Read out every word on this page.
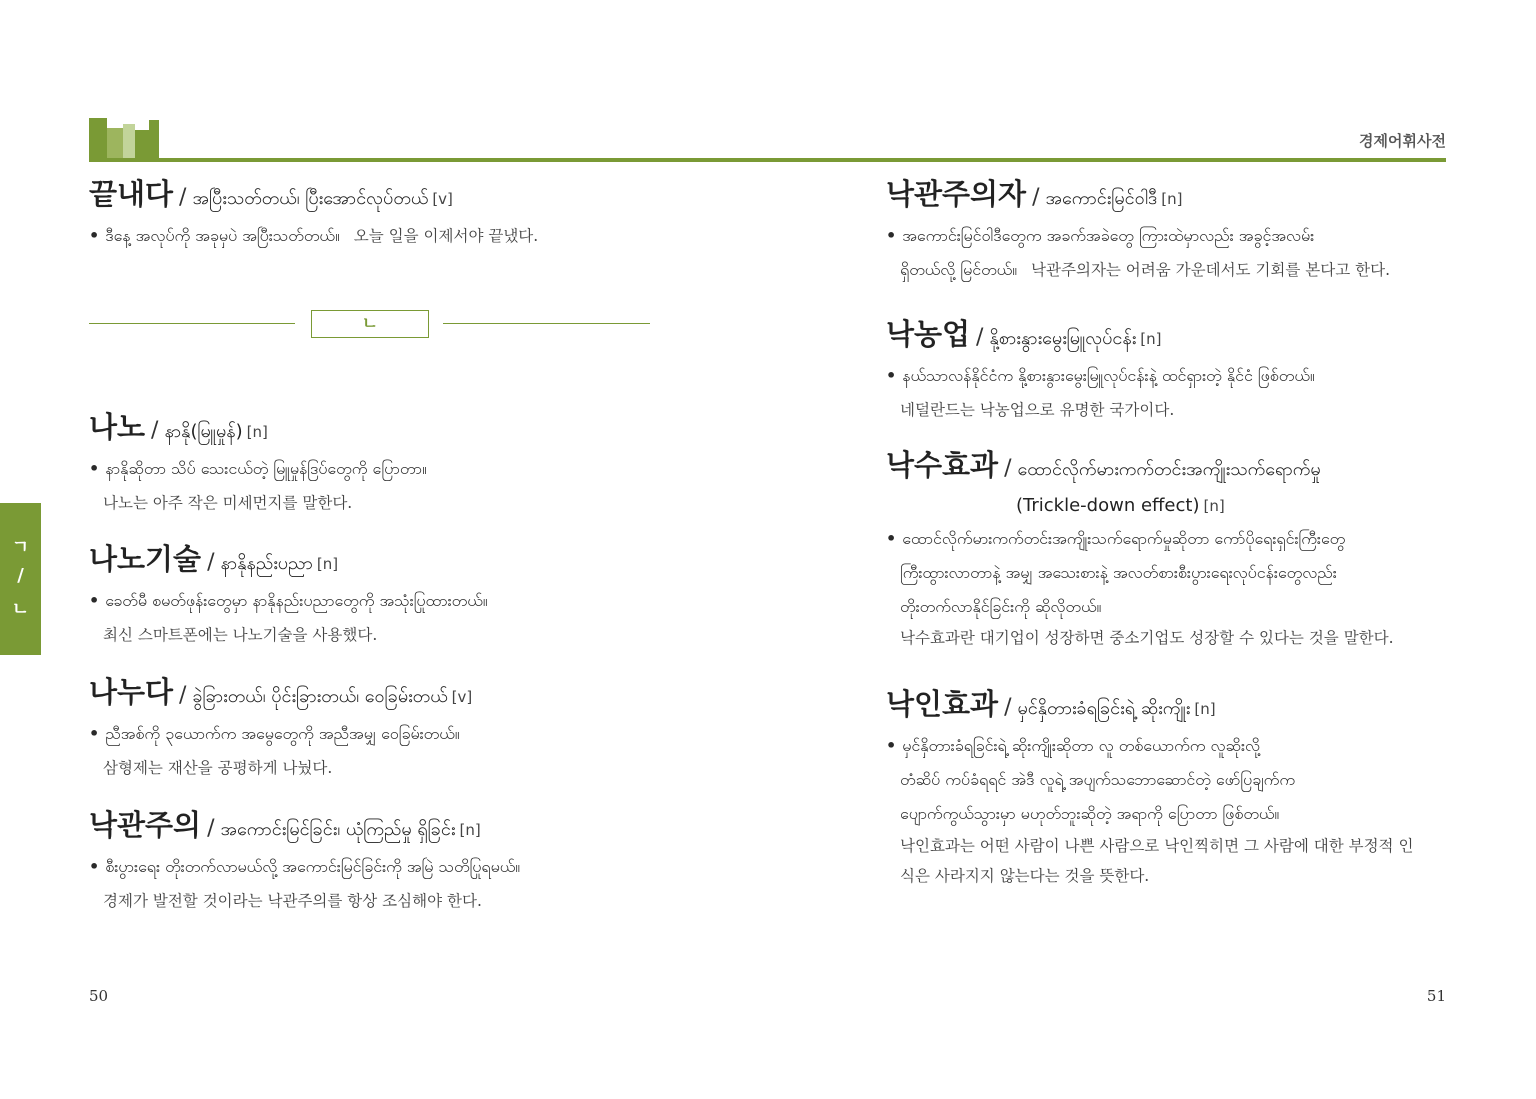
경제어휘사전
ㄱ
/
ㄴ
끝내다 / အပြီးသတ်တယ်၊ ပြီးအောင်လုပ်တယ် [v]
• ဒီနေ့ အလုပ်ကို အခုမှပဲ အပြီးသတ်တယ်။ 오늘 일을 이제서야 끝냈다.
ㄴ
나노 / နာနို(မြူမှုန်) [n]
• နာနိုဆိုတာ သိပ် သေးငယ်တဲ့ မြူမှုန်ဒြပ်တွေကို ပြောတာ။
나노는 아주 작은 미세먼지를 말한다.
나노기술 / နာနိုနည်းပညာ [n]
• ခေတ်မီ စမတ်ဖုန်းတွေမှာ နာနိုနည်းပညာတွေကို အသုံးပြုထားတယ်။
최신 스마트폰에는 나노기술을 사용했다.
나누다 / ခွဲခြားတယ်၊ ပိုင်းခြားတယ်၊ ဝေခြမ်းတယ် [v]
• ညီအစ်ကို ၃ယောက်က အမွေတွေကို အညီအမျှ ဝေခြမ်းတယ်။
삼형제는 재산을 공평하게 나눴다.
낙관주의 / အကောင်းမြင်ခြင်း၊ ယုံကြည်မှု ရှိခြင်း [n]
• စီးပွားရေး တိုးတက်လာမယ်လို့ အကောင်းမြင်ခြင်းကို အမြဲ သတိပြုရမယ်။
경제가 발전할 것이라는 낙관주의를 항상 조심해야 한다.
낙관주의자 / အကောင်းမြင်ဝါဒီ [n]
• အကောင်းမြင်ဝါဒီတွေက အခက်အခဲတွေ ကြားထဲမှာလည်း အခွင့်အလမ်း
ရှိတယ်လို့ မြင်တယ်။ 낙관주의자는 어려움 가운데서도 기회를 본다고 한다.
낙농업 / နို့စားနွားမွေးမြူလုပ်ငန်း [n]
• နယ်သာလန်နိုင်ငံက နို့စားနွားမွေးမြူလုပ်ငန်းနဲ့ ထင်ရှားတဲ့ နိုင်ငံ ဖြစ်တယ်။
네덜란드는 낙농업으로 유명한 국가이다.
낙수효과 / ထောင်လိုက်မားကက်တင်းအကျိုးသက်ရောက်မှု
(Trickle-down effect) [n]
• ထောင်လိုက်မားကက်တင်းအကျိုးသက်ရောက်မှုဆိုတာ ကော်ပိုရေးရှင်းကြီးတွေ
ကြီးထွားလာတာနဲ့ အမျှ အသေးစားနဲ့ အလတ်စားစီးပွားရေးလုပ်ငန်းတွေလည်း
တိုးတက်လာနိုင်ခြင်းကို ဆိုလိုတယ်။
낙수효과란 대기업이 성장하면 중소기업도 성장할 수 있다는 것을 말한다.
낙인효과 / မှင်နှိတားခံရခြင်းရဲ့ ဆိုးကျိုး [n]
• မှင်နှိတားခံရခြင်းရဲ့ ဆိုးကျိုးဆိုတာ လူ တစ်ယောက်က လူဆိုးလို့
တံဆိပ် ကပ်ခံရရင် အဲဒီ လူရဲ့ အပျက်သဘောဆောင်တဲ့ ဖော်ပြချက်က
ပျောက်ကွယ်သွားမှာ မဟုတ်ဘူးဆိုတဲ့ အရာကို ပြောတာ ဖြစ်တယ်။
낙인효과는 어떤 사람이 나쁜 사람으로 낙인찍히면 그 사람에 대한 부정적 인
식은 사라지지 않는다는 것을 뜻한다.
50	51
